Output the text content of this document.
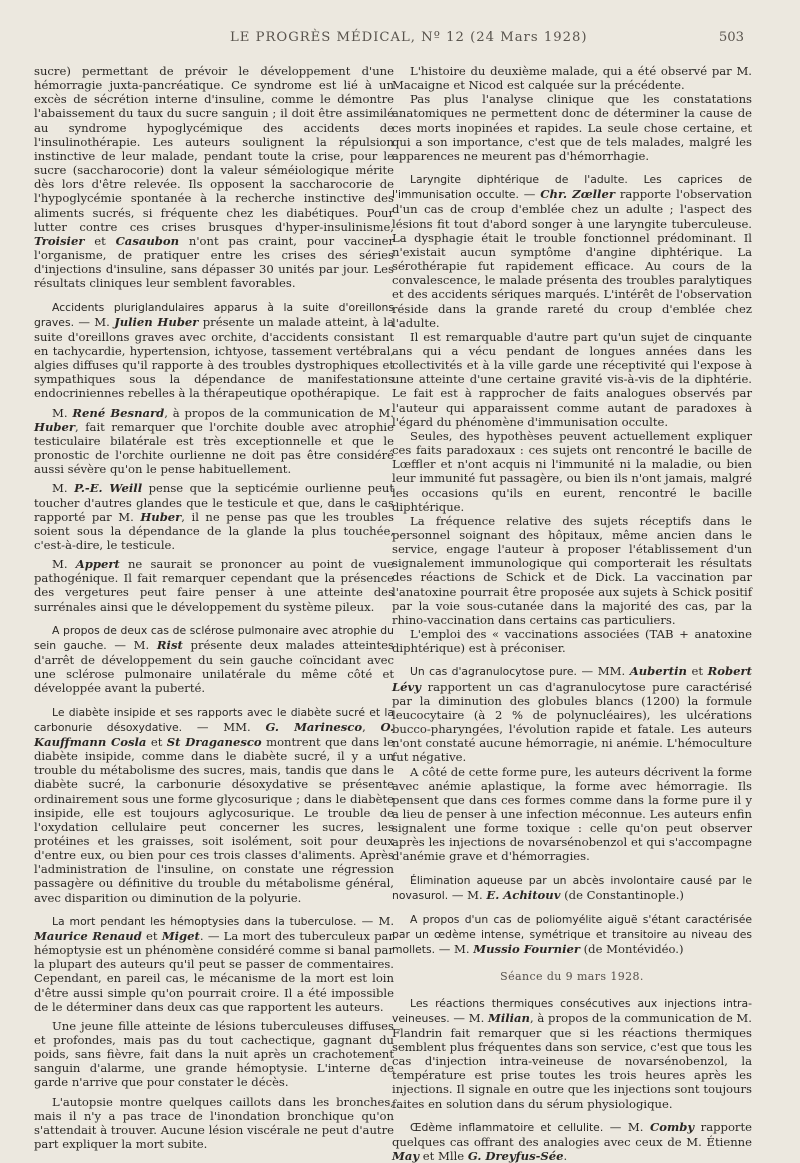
LE PROGRÈS MÉDICAL, Nº 12 (24 Mars 1928)	503

sucre) permettant de prévoir le développement d'une hémorragie juxta-pancréatique. Ce syndrome est lié à un excès de sécrétion interne d'insuline, comme le démontre l'abaissement du taux du sucre sanguin ; il doit être assimilé au syndrome hypoglycémique des accidents de l'insulinothérapie. Les auteurs soulignent la répulsion instinctive de leur malade, pendant toute la crise, pour le sucre (saccharocorie) dont la valeur séméiologique mérite dès lors d'être relevée. Ils opposent la saccharocorie de l'hypoglycémie spontanée à la recherche instinctive des aliments sucrés, si fréquente chez les diabétiques. Pour lutter contre ces crises brusques d'hyper-insulinisme, Troisier et Casaubon n'ont pas craint, pour vacciner l'organisme, de pratiquer entre les crises des séries d'injections d'insuline, sans dépasser 30 unités par jour. Les résultats cliniques leur semblent favorables.

Accidents pluriglandulaires apparus à la suite d'oreillons graves. — M. Julien Huber présente un malade atteint, à la suite d'oreillons graves avec orchite, d'accidents consistant en tachycardie, hypertension, ichtyose, tassement vertébral, algies diffuses qu'il rapporte à des troubles dystrophiques et sympathiques sous la dépendance de manifestations endocriniennes rebelles à la thérapeutique opothérapique.

M. René Besnard, à propos de la communication de M. Huber, fait remarquer que l'orchite double avec atrophie testiculaire bilatérale est très exceptionnelle et que le pronostic de l'orchite ourlienne ne doit pas être considéré aussi sévère qu'on le pense habituellement.

M. P.-E. Weill pense que la septicémie ourlienne peut toucher d'autres glandes que le testicule et que, dans le cas rapporté par M. Huber, il ne pense pas que les troubles soient sous la dépendance de la glande la plus touchée, c'est-à-dire, le testicule.

M. Appert ne saurait se prononcer au point de vue pathogénique. Il fait remarquer cependant que la présence des vergetures peut faire penser à une atteinte des surrénales ainsi que le développement du système pileux.

A propos de deux cas de sclérose pulmonaire avec atrophie du sein gauche. — M. Rist présente deux malades atteintes d'arrêt de développement du sein gauche coïncidant avec une sclérose pulmonaire unilatérale du même côté et développée avant la puberté.

Le diabète insipide et ses rapports avec le diabète sucré et la carbonurie désoxydative. — MM. G. Marinesco, O. Kauffmann Cosla et St Draganesco montrent que dans le diabète insipide, comme dans le diabète sucré, il y a un trouble du métabolisme des sucres, mais, tandis que dans le diabète sucré, la carbonurie désoxydative se présente ordinairement sous une forme glycosurique ; dans le diabète insipide, elle est toujours aglycosurique. Le trouble de l'oxydation cellulaire peut concerner les sucres, les protéines et les graisses, soit isolément, soit pour deux d'entre eux, ou bien pour ces trois classes d'aliments. Après l'administration de l'insuline, on constate une régression passagère ou définitive du trouble du métabolisme général, avec disparition ou diminution de la polyurie.

La mort pendant les hémoptysies dans la tuberculose. — M. Maurice Renaud et Miget. — La mort des tuberculeux par hémoptysie est un phénomène considéré comme si banal par la plupart des auteurs qu'il peut se passer de commentaires. Cependant, en pareil cas, le mécanisme de la mort est loin d'être aussi simple qu'on pourrait croire. Il a été impossible de le déterminer dans deux cas que rapportent les auteurs.

Une jeune fille atteinte de lésions tuberculeuses diffuses et profondes, mais pas du tout cachectique, gagnant du poids, sans fièvre, fait dans la nuit après un crachotement sanguin d'alarme, une grande hémoptysie. L'interne de garde n'arrive que pour constater le décès.

L'autopsie montre quelques caillots dans les bronches, mais il n'y a pas trace de l'inondation bronchique qu'on s'attendait à trouver. Aucune lésion viscérale ne peut d'autre part expliquer la mort subite.

L'histoire du deuxième malade, qui a été observé par M. Macaigne et Nicod est calquée sur la précédente.

Pas plus l'analyse clinique que les constatations anatomiques ne permettent donc de déterminer la cause de ces morts inopinées et rapides. La seule chose certaine, et qui a son importance, c'est que de tels malades, malgré les apparences ne meurent pas d'hémorrhagie.

Laryngite diphtérique de l'adulte. Les caprices de l'immunisation occulte. — Chr. Zœller rapporte l'observation d'un cas de croup d'emblée chez un adulte ; l'aspect des lésions fit tout d'abord songer à une laryngite tuberculeuse. La dysphagie était le trouble fonctionnel prédominant. Il n'existait aucun symptôme d'angine diphtérique. La sérothérapie fut rapidement efficace. Au cours de la convalescence, le malade présenta des troubles paralytiques et des accidents sériques marqués. L'intérêt de l'observation réside dans la grande rareté du croup d'emblée chez l'adulte.

Il est remarquable d'autre part qu'un sujet de cinquante ans qui a vécu pendant de longues années dans les collectivités et à la ville garde une réceptivité qui l'expose à une atteinte d'une certaine gravité vis-à-vis de la diphtérie. Le fait est à rapprocher de faits analogues observés par l'auteur qui apparaissent comme autant de paradoxes à l'égard du phénomène d'immunisation occulte.

Seules, des hypothèses peuvent actuellement expliquer ces faits paradoxaux : ces sujets ont rencontré le bacille de Lœffler et n'ont acquis ni l'immunité ni la maladie, ou bien leur immunité fut passagère, ou bien ils n'ont jamais, malgré les occasions qu'ils en eurent, rencontré le bacille diphtérique.

La fréquence relative des sujets réceptifs dans le personnel soignant des hôpitaux, même ancien dans le service, engage l'auteur à proposer l'établissement d'un signalement immunologique qui comporterait les résultats des réactions de Schick et de Dick. La vaccination par l'anatoxine pourrait être proposée aux sujets à Schick positif par la voie sous-cutanée dans la majorité des cas, par la rhino-vaccination dans certains cas particuliers.

L'emploi des « vaccinations associées (TAB + anatoxine diphtérique) est à préconiser.

Un cas d'agranulocytose pure. — MM. Aubertin et Robert Lévy rapportent un cas d'agranulocytose pure caractérisé par la diminution des globules blancs (1200) la formule leucocytaire (à 2 % de polynucléaires), les ulcérations bucco-pharyngées, l'évolution rapide et fatale. Les auteurs n'ont constaté aucune hémorragie, ni anémie. L'hémoculture fut négative.

A côté de cette forme pure, les auteurs décrivent la forme avec anémie aplastique, la forme avec hémorragie. Ils pensent que dans ces formes comme dans la forme pure il y a lieu de penser à une infection méconnue. Les auteurs enfin signalent une forme toxique : celle qu'on peut observer après les injections de novarsénobenzol et qui s'accompagne d'anémie grave et d'hémorragies.

Élimination aqueuse par un abcès involontaire causé par le novasurol. — M. E. Achitouv (de Constantinople.)

A propos d'un cas de poliomyélite aiguë s'étant caractérisée par un œdème intense, symétrique et transitoire au niveau des mollets. — M. Mussio Fournier (de Montévidéo.)

Séance du 9 mars 1928.

Les réactions thermiques consécutives aux injections intra-veineuses. — M. Milian, à propos de la communication de M. Flandrin fait remarquer que si les réactions thermiques semblent plus fréquentes dans son service, c'est que tous les cas d'injection intra-veineuse de novarsénobenzol, la température est prise toutes les trois heures après les injections. Il signale en outre que les injections sont toujours faites en solution dans du sérum physiologique.

Œdème inflammatoire et cellulite. — M. Comby rapporte quelques cas offrant des analogies avec ceux de M. Étienne May et Mlle G. Dreyfus-Sée.
